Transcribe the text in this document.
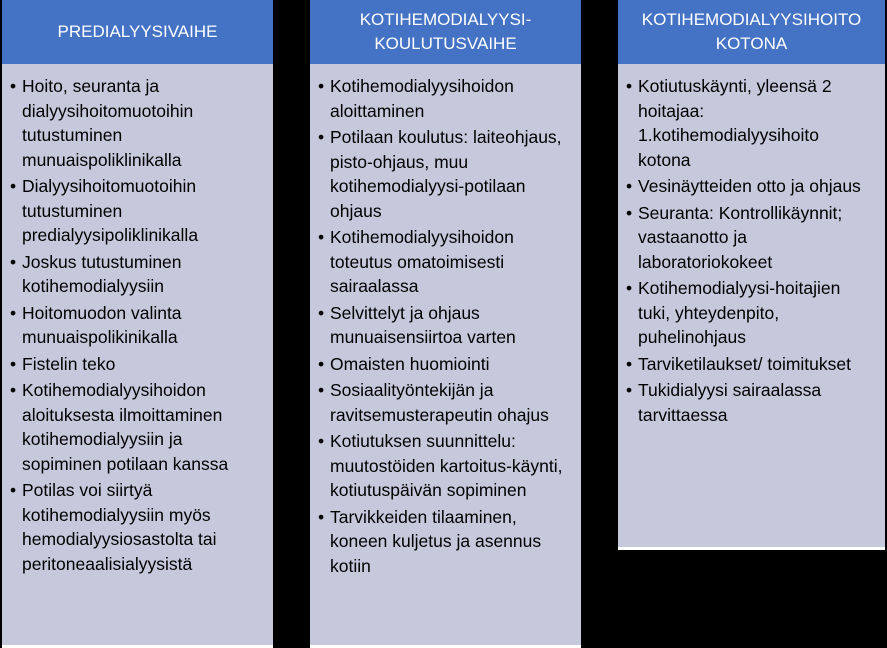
PREDIALYYSIVAIHE
• Hoito, seuranta ja dialyysihoitomuotoihin tutustuminen munuaispoliklinikalla
• Dialyysihoitomuotoihin tutustuminen predialyysipoliklinikalla
• Joskus tutustuminen kotihemodialyysiin
• Hoitomuodon valinta munuaispolikinikalla
• Fistelin teko
• Kotihemodialyysihoidon aloituksesta ilmoittaminen kotihemodialyysiin ja sopiminen potilaan kanssa
• Potilas voi siirtyä kotihemodialyysiin myös hemodialyysiosastolta tai peritoneaalisialyysistä
KOTIHEMODIALYYSI-
KOULUTUSVAIHE
• Kotihemodialyysihoidon aloittaminen
• Potilaan koulutus: laiteohjaus, pisto-ohjaus, muu kotihemodialyysi-potilaan ohjaus
• Kotihemodialyysihoidon toteutus omatoimisesti sairaalassa
• Selvittelyt ja ohjaus munuaisensiirtoa varten
• Omaisten huomiointi
• Sosiaalityöntekijän ja ravitsemusterapeutin ohajus
• Kotiutuksen suunnittelu: muutostöiden kartoitus-käynti, kotiutuspäivän sopiminen
• Tarvikkeiden tilaaminen, koneen kuljetus ja asennus kotiin
KOTIHEMODIALYYSIHOITO
KOTONA
• Kotiutuskäynti, yleensä 2 hoitajaa: 1.kotihemodialyysihoito kotona
• Vesinäytteiden otto ja ohjaus
• Seuranta: Kontrollikäynnit; vastaanotto ja laboratoriokokeet
• Kotihemodialyysi-hoitajien tuki, yhteydenpito, puhelinohjaus
• Tarviketilaukset/ toimitukset
• Tukidialyysi sairaalassa tarvittaessa
